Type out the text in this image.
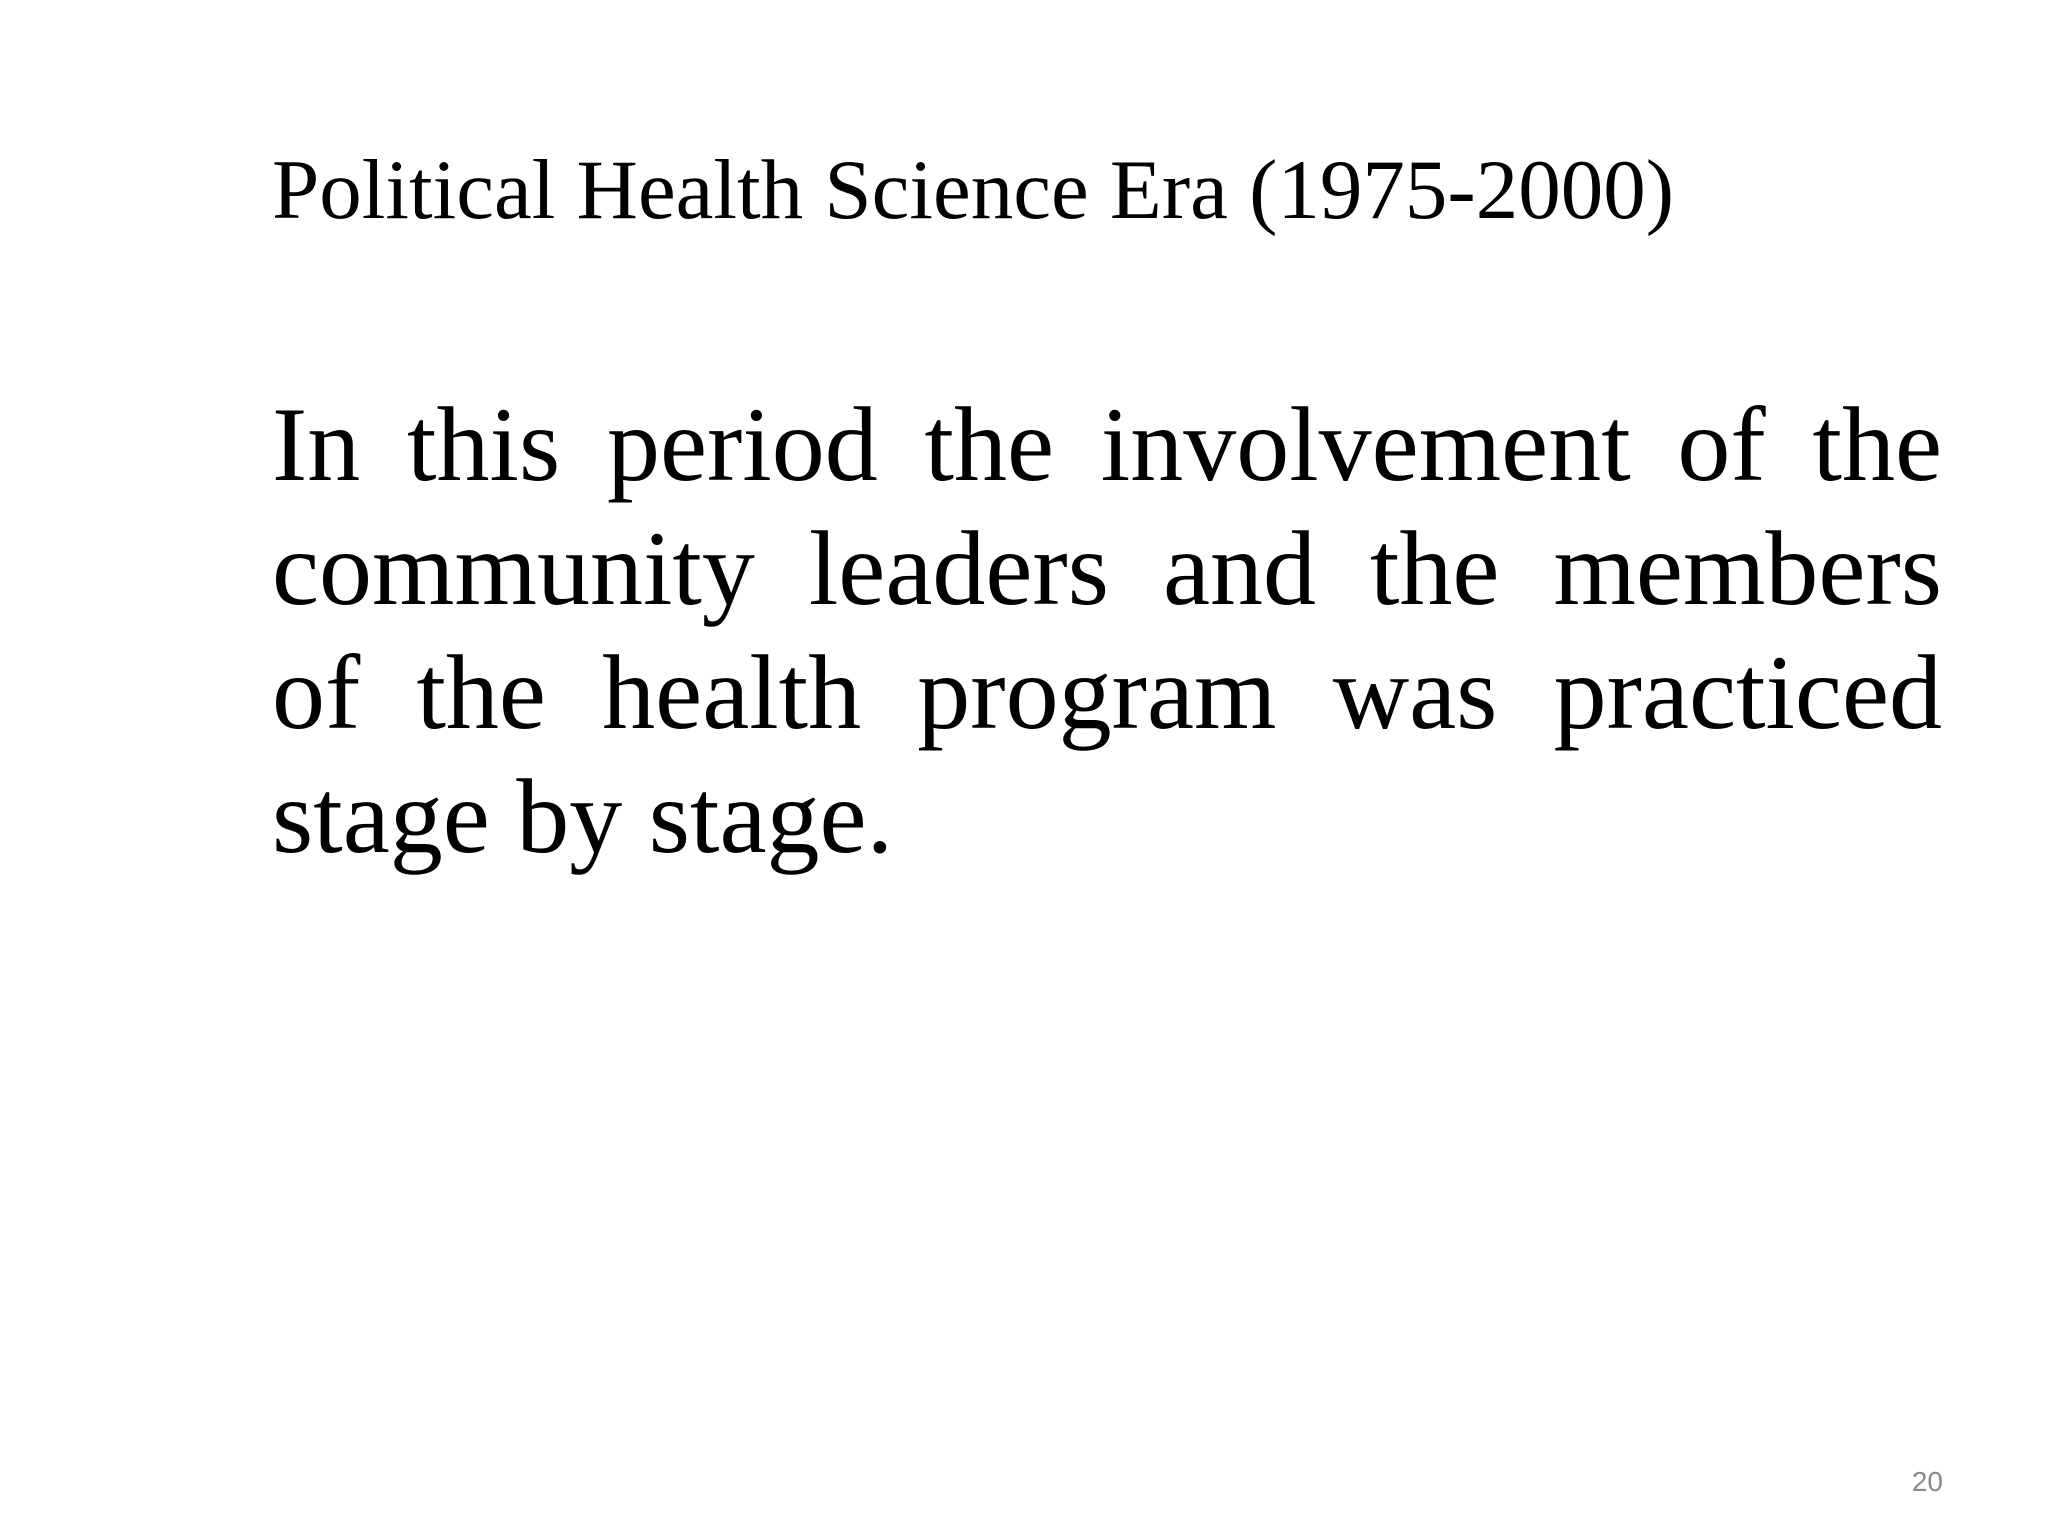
Political Health Science Era (1975-2000)

In this period the involvement of the community leaders and the members of the health program was practiced stage by stage.

20
